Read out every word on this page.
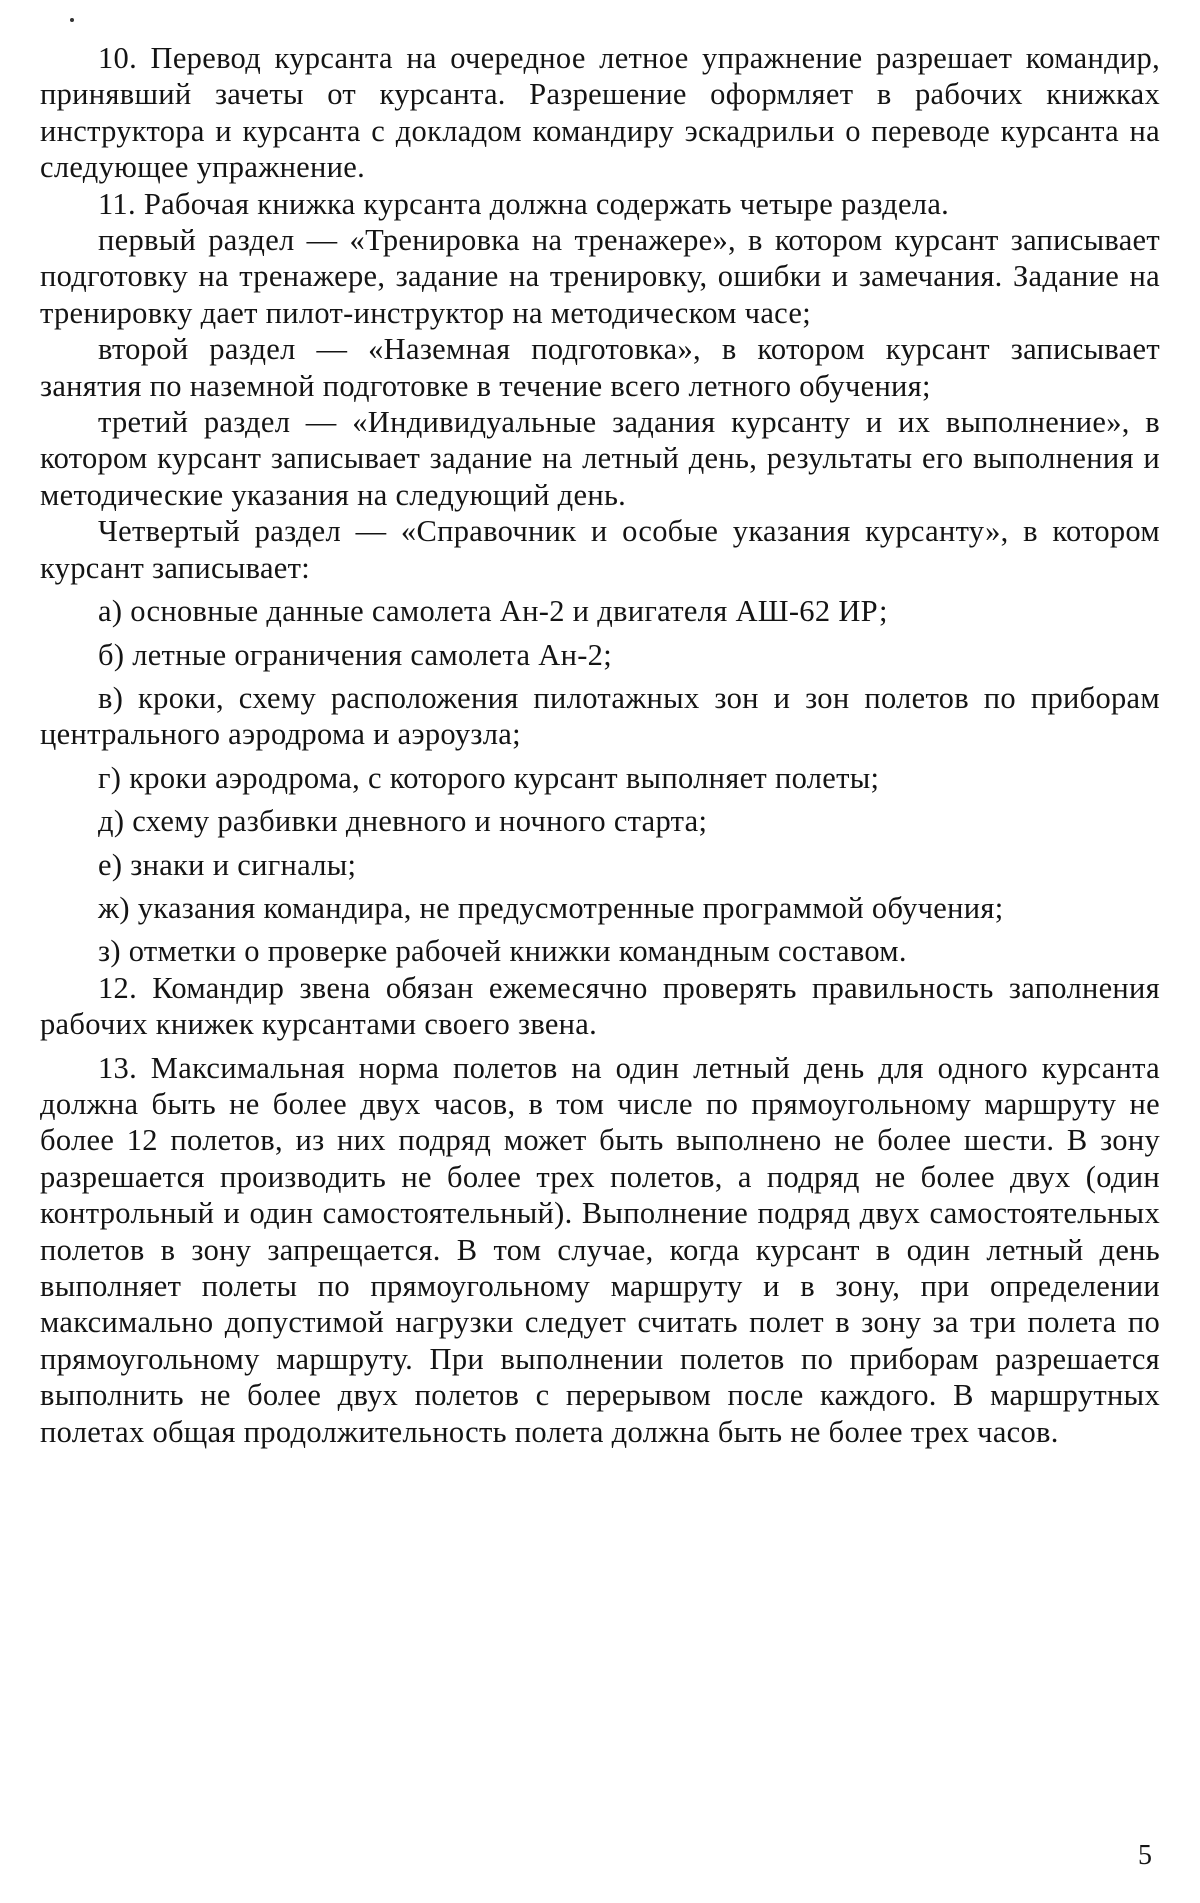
10. Перевод курсанта на очередное летное упражнение разрешает командир, принявший зачеты от курсанта. Разрешение оформляет в рабочих книжках инструктора и курсанта с докладом командиру эскадрильи о переводе курсанта на следующее упражнение.

11. Рабочая книжка курсанта должна содержать четыре раздела.

первый раздел — «Тренировка на тренажере», в котором курсант записывает подготовку на тренажере, задание на тренировку, ошибки и замечания. Задание на тренировку дает пилот-инструктор на методическом часе;

второй раздел — «Наземная подготовка», в котором курсант записывает занятия по наземной подготовке в течение всего летного обучения;

третий раздел — «Индивидуальные задания курсанту и их выполнение», в котором курсант записывает задание на летный день, результаты его выполнения и методические указания на следующий день.

Четвертый раздел — «Справочник и особые указания курсанту», в котором курсант записывает:

а) основные данные самолета Ан-2 и двигателя АШ-62 ИР;

б) летные ограничения самолета Ан-2;

в) кроки, схему расположения пилотажных зон и зон полетов по приборам центрального аэродрома и аэроузла;

г) кроки аэродрома, с которого курсант выполняет полеты;

д) схему разбивки дневного и ночного старта;

е) знаки и сигналы;

ж) указания командира, не предусмотренные программой обучения;

з) отметки о проверке рабочей книжки командным составом.

12. Командир звена обязан ежемесячно проверять правильность заполнения рабочих книжек курсантами своего звена.

13. Максимальная норма полетов на один летный день для одного курсанта должна быть не более двух часов, в том числе по прямоугольному маршруту не более 12 полетов, из них подряд может быть выполнено не более шести. В зону разрешается производить не более трех полетов, а подряд не более двух (один контрольный и один самостоятельный). Выполнение подряд двух самостоятельных полетов в зону запрещается. В том случае, когда курсант в один летный день выполняет полеты по прямоугольному маршруту и в зону, при определении максимально допустимой нагрузки следует считать полет в зону за три полета по прямоугольному маршруту. При выполнении полетов по приборам разрешается выполнить не более двух полетов с перерывом после каждого. В маршрутных полетах общая продолжительность полета должна быть не более трех часов.

5
